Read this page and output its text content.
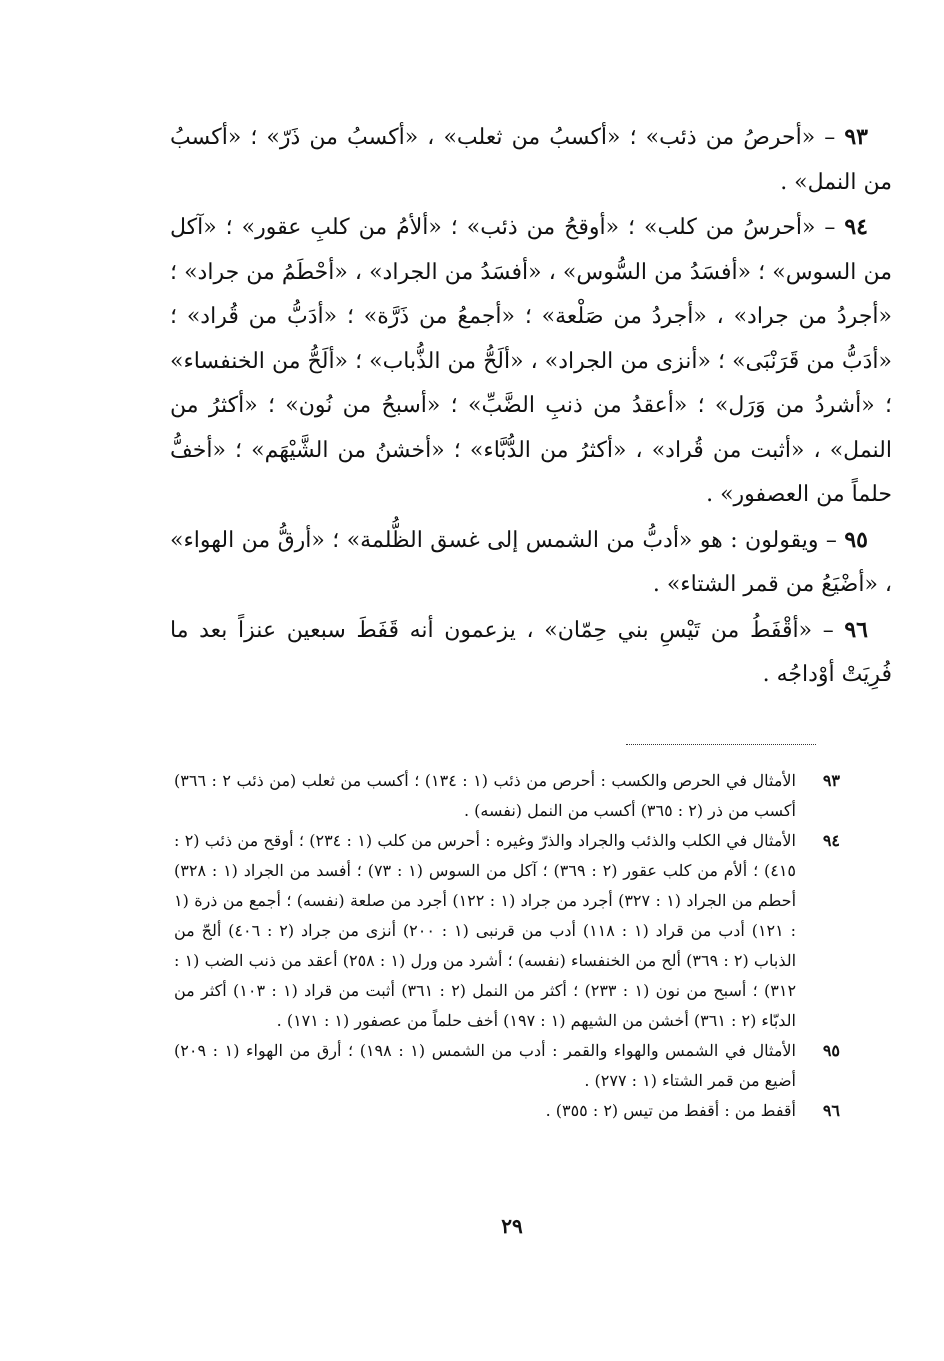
٩٣ – «أحرصُ من ذئب» ؛ «أكسبُ من ثعلب» ، «أكسبُ من ذَرّ» ؛ «أكسبُ من النمل» .

٩٤ – «أحرسُ من كلب» ؛ «أوقحُ من ذئب» ؛ «ألأمُ من كلبِ عقور» ؛ «آكل من السوس» ؛ «أفسَدُ من السُّوس» ، «أفسَدُ من الجراد» ، «أحْطَمُ من جراد» ؛ «أجردُ من جراد» ، «أجردُ من صَلْعة» ؛ «أجمعُ من ذَرَّة» ؛ «أدَبُّ من قُراد» ؛ «أدَبُّ من قَرَنْبَى» ؛ «أنزى من الجراد» ، «ألَحُّ من الذُّباب» ؛ «ألَحُّ من الخنفساء» ؛ «أشردُ من وَرَل» ؛ «أعقدُ من ذنبِ الضَّبِّ» ؛ «أسبحُ من نُون» ؛ «أكثرُ من النمل» ، «أثبت من قُراد» ، «أكثرُ من الدُّبَّاء» ؛ «أخشنُ من الشَّيْهَم» ؛ «أخفُّ حلماً من العصفور» .

٩٥ – ويقولون : هو «أدبُّ من الشمس إلى غسق الظُّلمة» ؛ «أرقُّ من الهواء» ، «أضْيَعُ من قمر الشتاء» .

٩٦ – «أقْفَطُ من تَيْسِ بني حِمّان» ، يزعمون أنه قَفَطَ سبعين عنزاً بعد ما فُرِيَتْ أوْداجُه .

٩٣
الأمثال في الحرص والكسب : أحرص من ذئب (١ : ١٣٤) ؛ أكسب من ثعلب (من ذئب ٢ : ٣٦٦) أكسب من ذر (٢ : ٣٦٥) أكسب من النمل (نفسه) .
٩٤
الأمثال في الكلب والذئب والجراد والذرّ وغيره : أحرس من كلب (١ : ٢٣٤) ؛ أوقح من ذئب (٢ : ٤١٥) ؛ ألأم من كلب عقور (٢ : ٣٦٩) ؛ آكل من السوس (١ : ٧٣) ؛ أفسد من الجراد (١ : ٣٢٨) أحطم من الجراد (١ : ٣٢٧) أجرد من جراد (١ : ١٢٢) أجرد من صلعة (نفسه) ؛ أجمع من ذرة (١ : ١٢١) أدب من قراد (١ : ١١٨) أدب من قرنبى (١ : ٢٠٠) أنزى من جراد (٢ : ٤٠٦) ألحّ من الذباب (٢ : ٣٦٩) ألح من الخنفساء (نفسه) ؛ أشرد من ورل (١ : ٢٥٨) أعقد من ذنب الضب (١ : ٣١٢) ؛ أسبح من نون (١ : ٢٣٣) ؛ أكثر من النمل (٢ : ٣٦١) أثبت من قراد (١ : ١٠٣) أكثر من الدبّاء (٢ : ٣٦١) أخشن من الشيهم (١ : ١٩٧) أخف حلماً من عصفور (١ : ١٧١) .
٩٥
الأمثال في الشمس والهواء والقمر : أدب من الشمس (١ : ١٩٨) ؛ أرق من الهواء (١ : ٢٠٩) أضيع من قمر الشتاء (١ : ٢٧٧) .
٩٦
أقفط من : أقفط من تيس (٢ : ٣٥٥) .
٢٩
